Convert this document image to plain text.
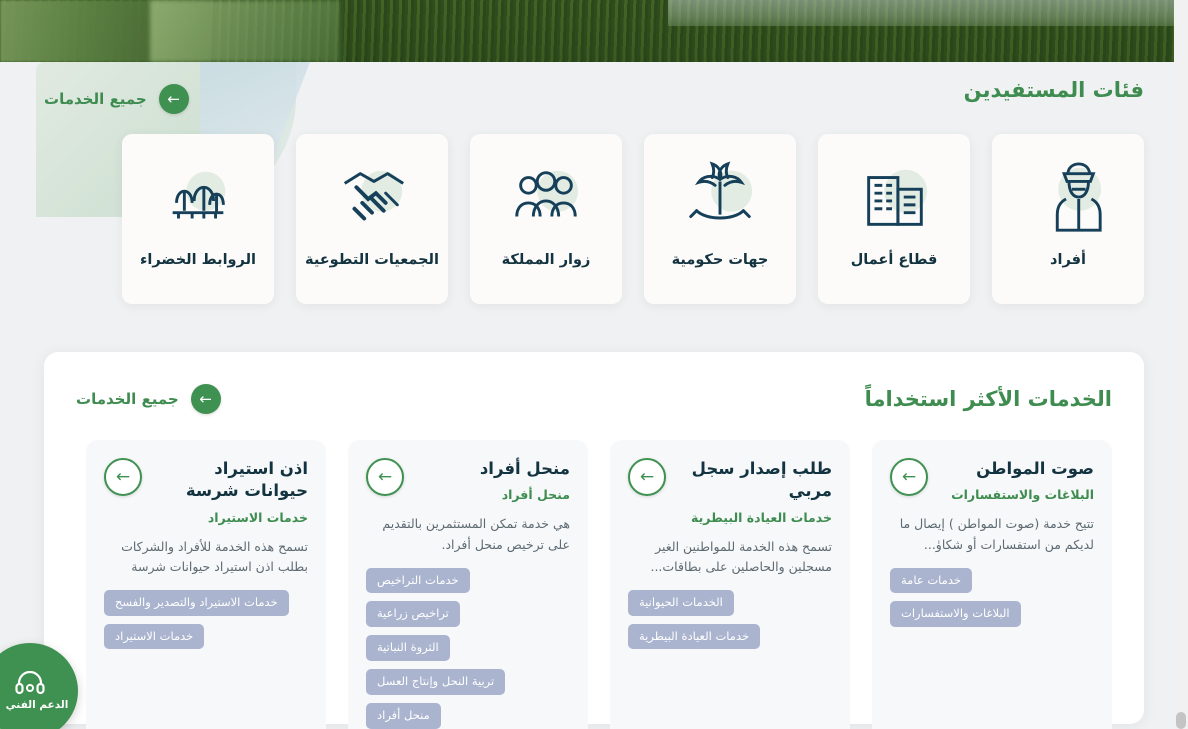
فئات المستفيدين
←
جميع الخدمات
أفراد
قطاع أعمال
جهات حكومية
زوار المملكة
الجمعيات التطوعية
الروابط الخضراء
الخدمات الأكثر استخداماً
←
جميع الخدمات
←	صوت المواطن
البلاغات والاستفسارات
تتيح خدمة (صوت المواطن ) إيصال ما لديكم من استفسارات أو شكاوٰ...
خدمات عامة
البلاغات والاستفسارات
←	طلب إصدار سجل مربي
خدمات العيادة البيطرية
تسمح هذه الخدمة للمواطنين الغير مسجلين والحاصلين على بطاقات...
الخدمات الحيوانية
خدمات العيادة البيطرية
←	منحل أفراد
منحل أفراد
هي خدمة تمكن المستثمرين بالتقديم على ترخيص منحل أفراد.
خدمات التراخيص
تراخيص زراعية
الثروة النباتية
تربية النحل وإنتاج العسل
منحل أفراد
←	اذن استيراد حيوانات شرسة
خدمات الاستيراد
تسمح هذه الخدمة للأفراد والشركات بطلب اذن استيراد حيوانات شرسة
خدمات الاستيراد والتصدير والفسح
خدمات الاستيراد
الدعم الفني
